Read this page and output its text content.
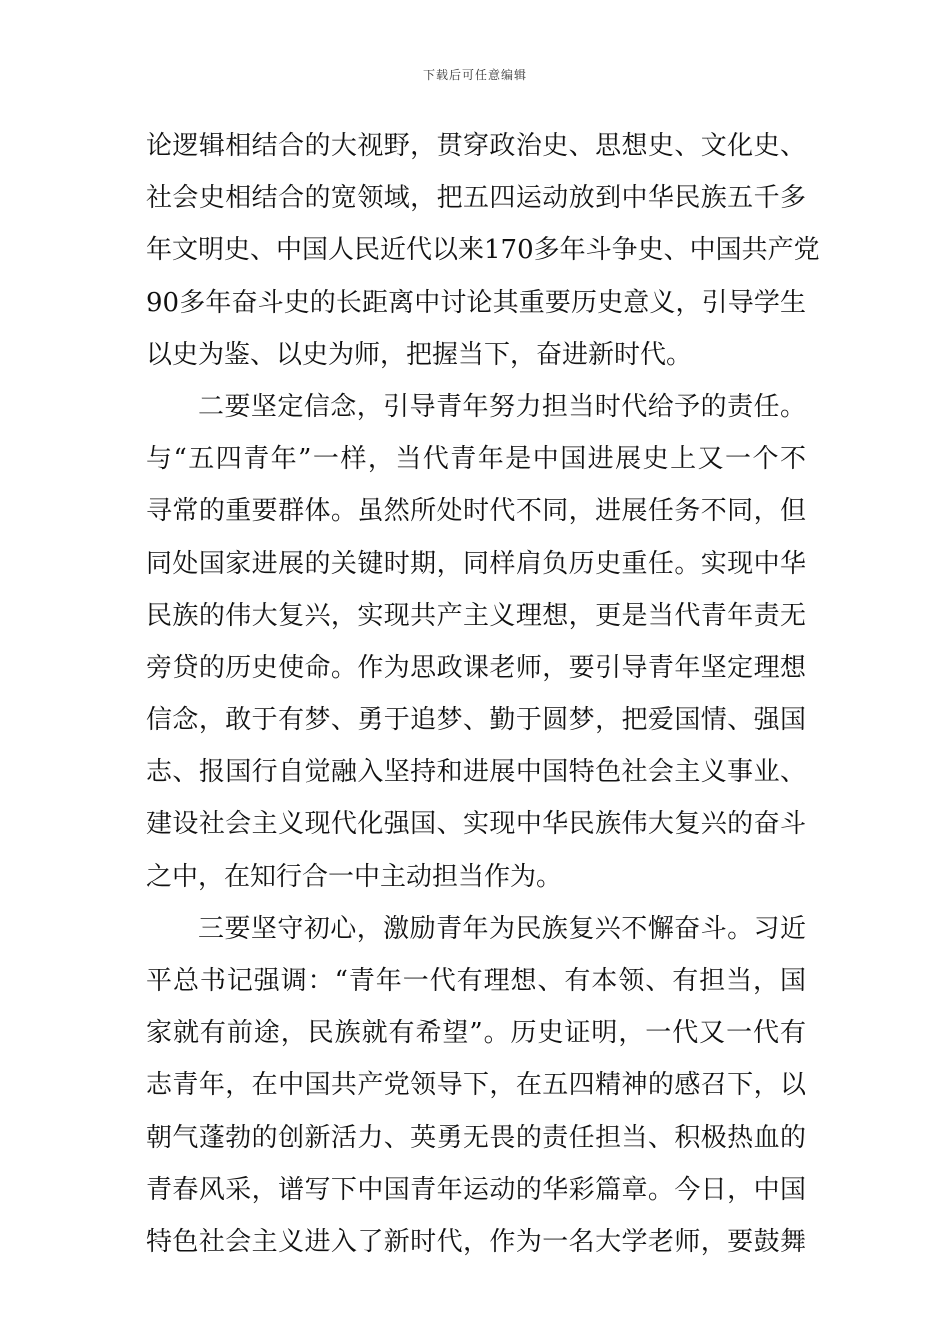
下载后可任意编辑
论逻辑相结合的大视野，贯穿政治史、思想史、文化史、
社会史相结合的宽领域，把五四运动放到中华民族五千多
年文明史、中国人民近代以来170多年斗争史、中国共产党
90多年奋斗史的长距离中讨论其重要历史意义，引导学生
以史为鉴、以史为师，把握当下，奋进新时代。
二要坚定信念，引导青年努力担当时代给予的责任。
与“五四青年”一样，当代青年是中国进展史上又一个不
寻常的重要群体。虽然所处时代不同，进展任务不同，但
同处国家进展的关键时期，同样肩负历史重任。实现中华
民族的伟大复兴，实现共产主义理想，更是当代青年责无
旁贷的历史使命。作为思政课老师，要引导青年坚定理想
信念，敢于有梦、勇于追梦、勤于圆梦，把爱国情、强国
志、报国行自觉融入坚持和进展中国特色社会主义事业、
建设社会主义现代化强国、实现中华民族伟大复兴的奋斗
之中，在知行合一中主动担当作为。
三要坚守初心，激励青年为民族复兴不懈奋斗。习近
平总书记强调：“青年一代有理想、有本领、有担当，国
家就有前途，民族就有希望”。历史证明，一代又一代有
志青年，在中国共产党领导下，在五四精神的感召下，以
朝气蓬勃的创新活力、英勇无畏的责任担当、积极热血的
青春风采，谱写下中国青年运动的华彩篇章。今日，中国
特色社会主义进入了新时代，作为一名大学老师，要鼓舞
